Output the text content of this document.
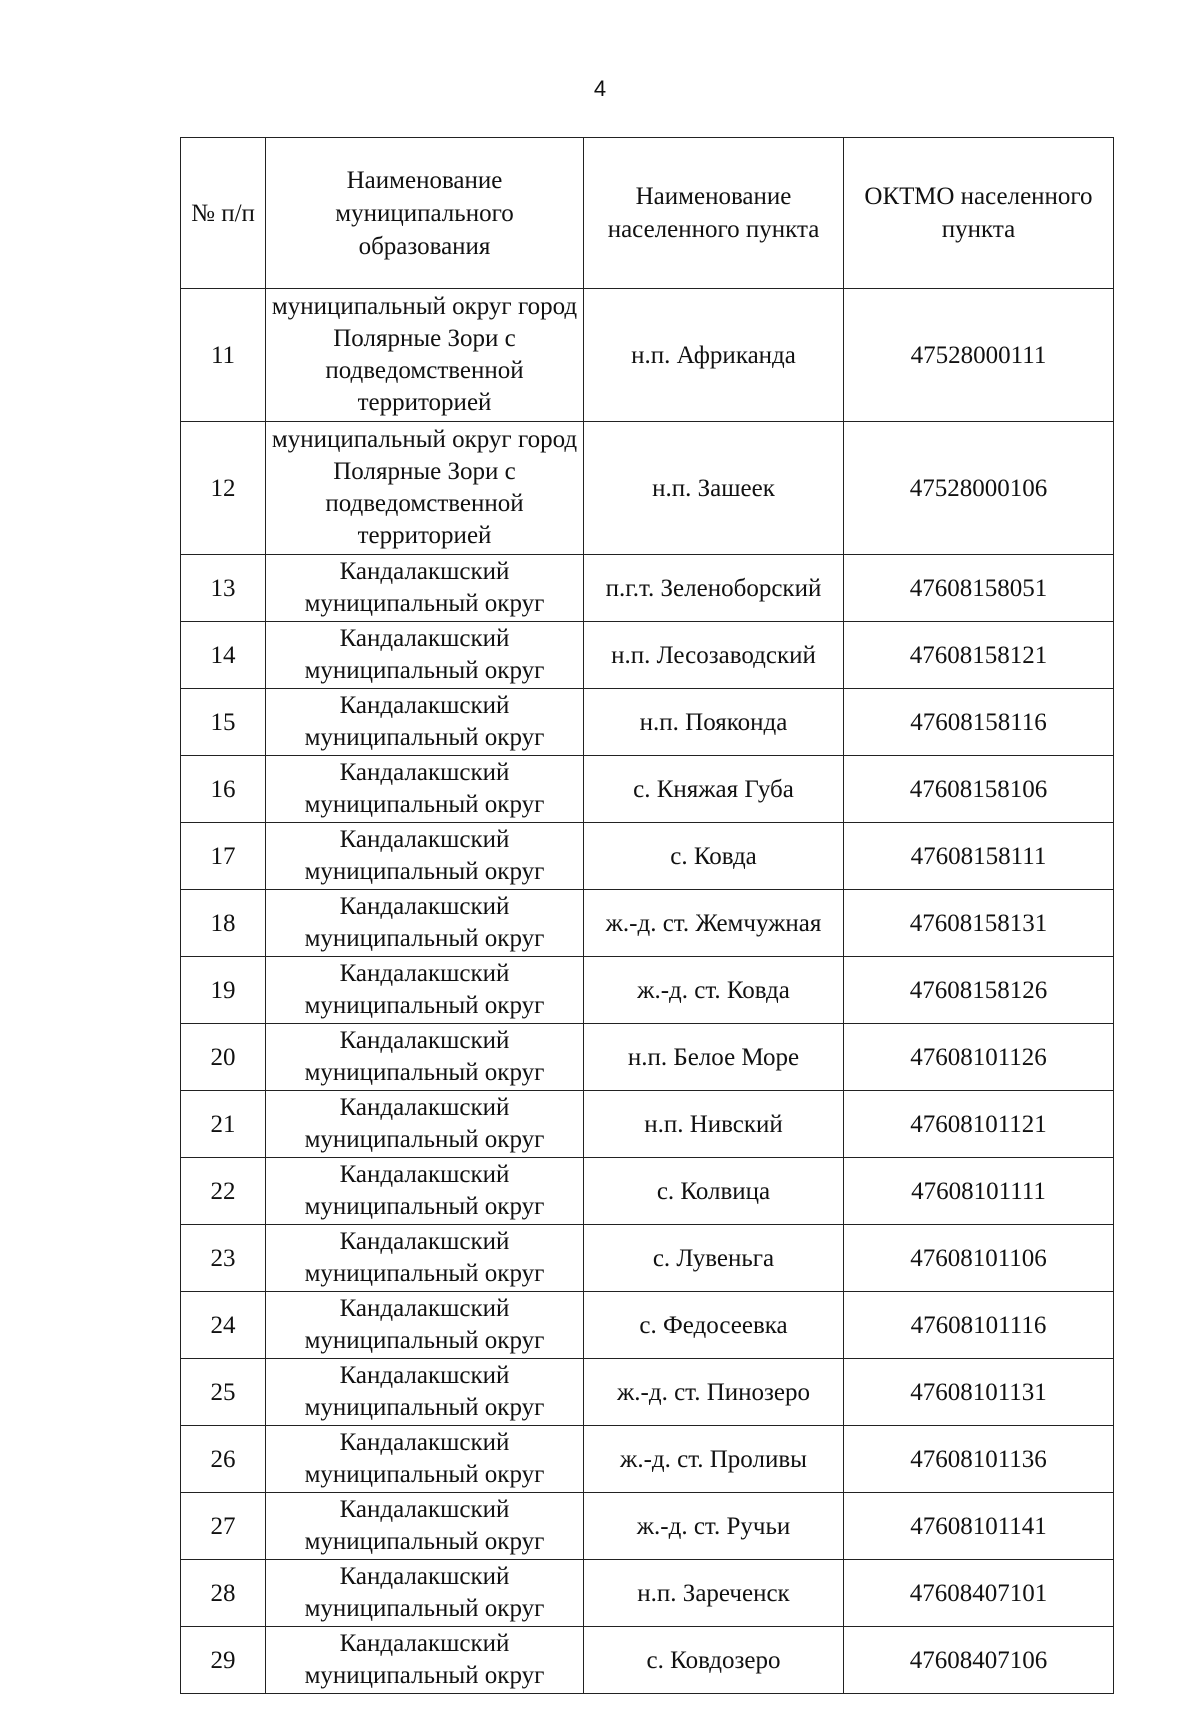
4
№ п/п	Наименование муниципального образования	Наименование населенного пункта	ОКТМО населенного пункта
11	муниципальный округ город Полярные Зори с подведомственной территорией	н.п. Африканда	47528000111
12	муниципальный округ город Полярные Зори с подведомственной территорией	н.п. Зашеек	47528000106
13	Кандалакшский муниципальный округ	п.г.т. Зеленоборский	47608158051
14	Кандалакшский муниципальный округ	н.п. Лесозаводский	47608158121
15	Кандалакшский муниципальный округ	н.п. Пояконда	47608158116
16	Кандалакшский муниципальный округ	с. Княжая Губа	47608158106
17	Кандалакшский муниципальный округ	с. Ковда	47608158111
18	Кандалакшский муниципальный округ	ж.-д. ст. Жемчужная	47608158131
19	Кандалакшский муниципальный округ	ж.-д. ст. Ковда	47608158126
20	Кандалакшский муниципальный округ	н.п. Белое Море	47608101126
21	Кандалакшский муниципальный округ	н.п. Нивский	47608101121
22	Кандалакшский муниципальный округ	с. Колвица	47608101111
23	Кандалакшский муниципальный округ	с. Лувеньга	47608101106
24	Кандалакшский муниципальный округ	с. Федосеевка	47608101116
25	Кандалакшский муниципальный округ	ж.-д. ст. Пинозеро	47608101131
26	Кандалакшский муниципальный округ	ж.-д. ст. Проливы	47608101136
27	Кандалакшский муниципальный округ	ж.-д. ст. Ручьи	47608101141
28	Кандалакшский муниципальный округ	н.п. Зареченск	47608407101
29	Кандалакшский муниципальный округ	с. Ковдозеро	47608407106
